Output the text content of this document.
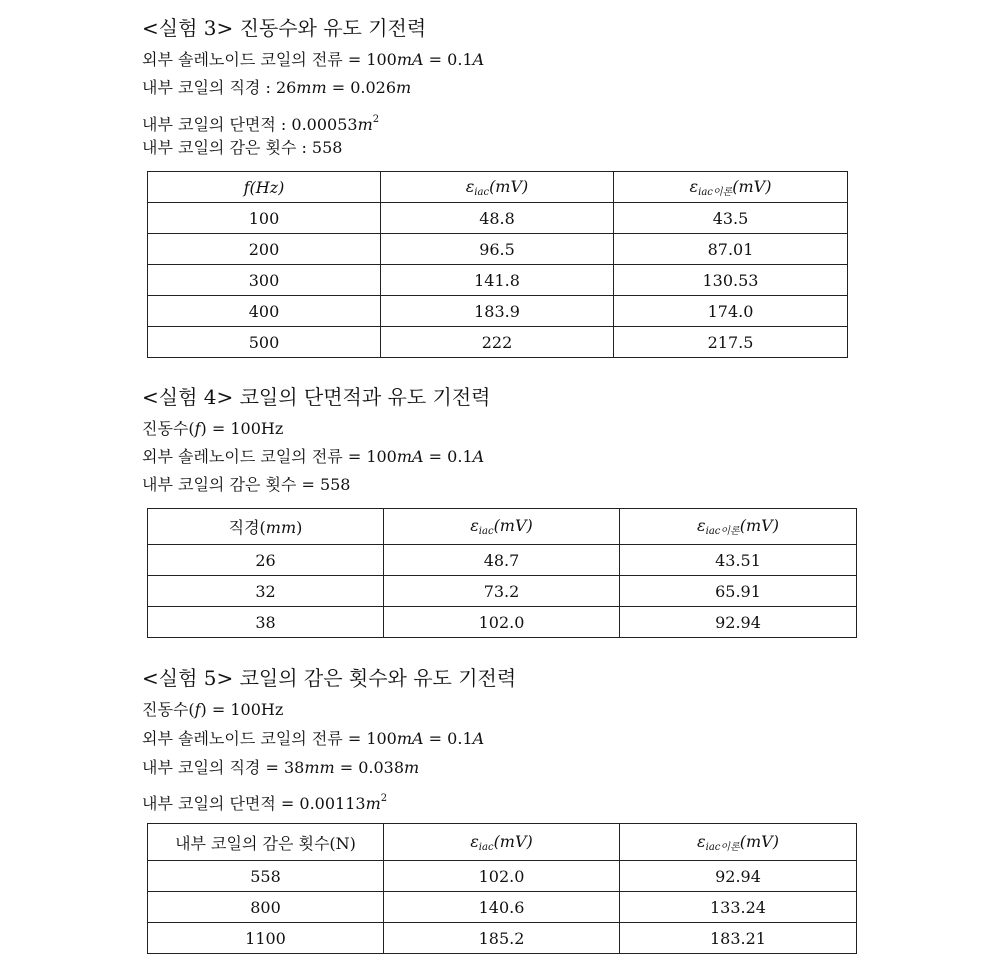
<실험 3> 진동수와 유도 기전력
외부 솔레노이드 코일의 전류 = 100mA = 0.1A
내부 코일의 직경 : 26mm = 0.026m
내부 코일의 단면적 : $0.00053m^2$
내부 코일의 감은 횟수 : 558
f(Hz)	$\varepsilon_{iac}(mV)$	$\varepsilon_{iac이론}(mV)$
100	48.8	43.5
200	96.5	87.01
300	141.8	130.53
400	183.9	174.0
500	222	217.5
<실험 4> 코일의 단면적과 유도 기전력
진동수(f) = 100Hz
외부 솔레노이드 코일의 전류 = 100mA = 0.1A
내부 코일의 감은 횟수 = 558
직경(mm)	$\varepsilon_{iac}(mV)$	$\varepsilon_{iac이론}(mV)$
26	48.7	43.51
32	73.2	65.91
38	102.0	92.94
<실험 5> 코일의 감은 횟수와 유도 기전력
진동수(f) = 100Hz
외부 솔레노이드 코일의 전류 = 100mA = 0.1A
내부 코일의 직경 = 38mm = 0.038m
내부 코일의 단면적 = $0.00113m^2$
내부 코일의 감은 횟수(N)	$\varepsilon_{iac}(mV)$	$\varepsilon_{iac이론}(mV)$
558	102.0	92.94
800	140.6	133.24
1100	185.2	183.21
